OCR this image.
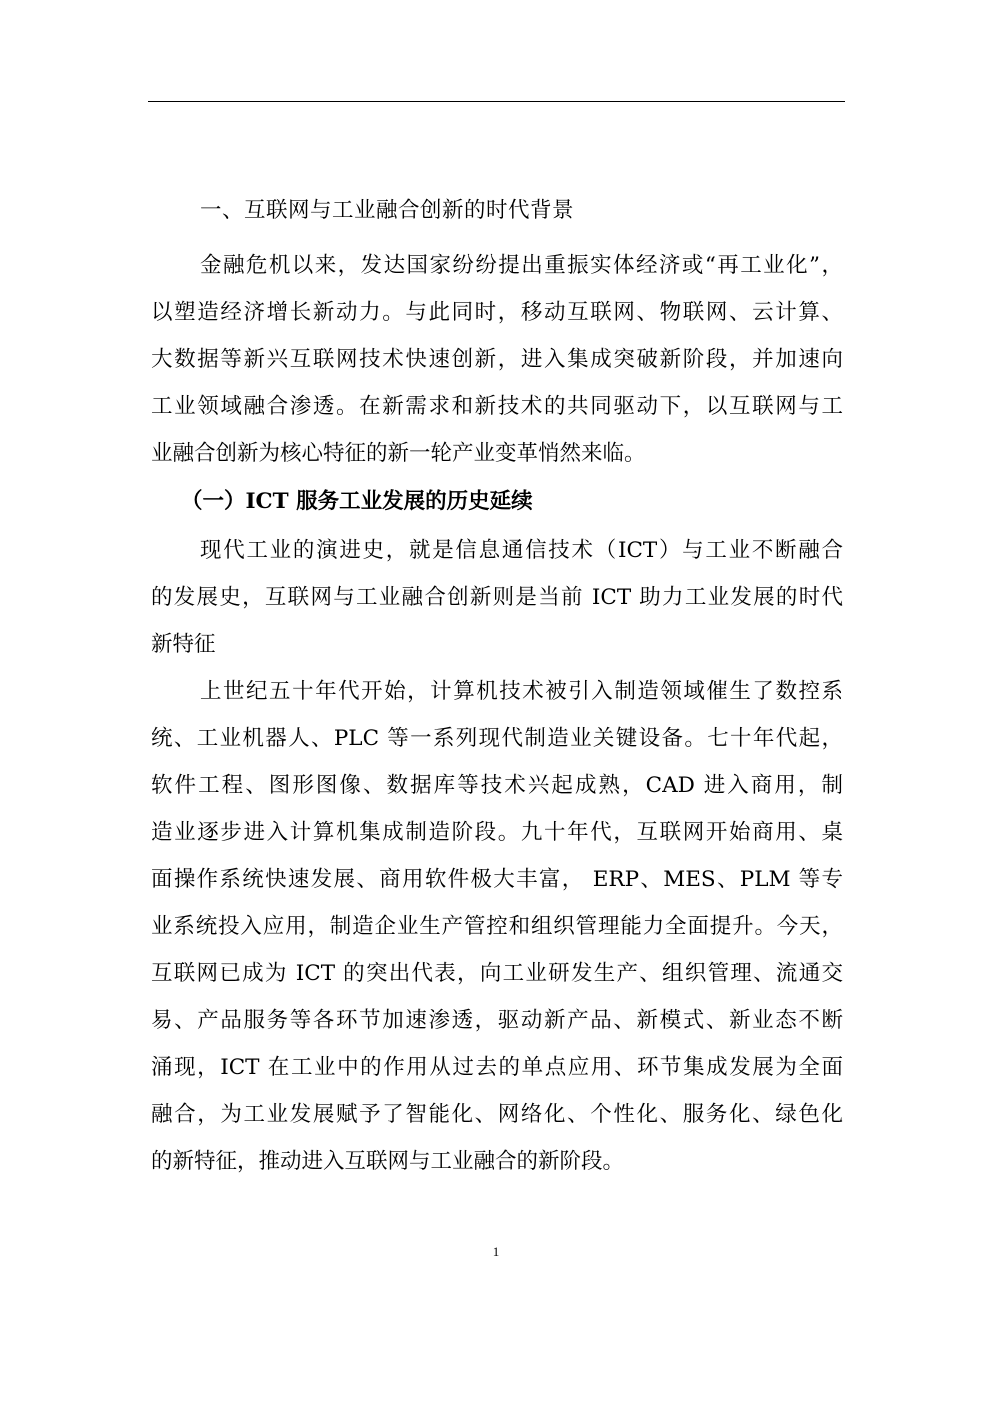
一、互联网与工业融合创新的时代背景

金融危机以来，发达国家纷纷提出重振实体经济或“再工业化”，
以塑造经济增长新动力。与此同时，移动互联网、物联网、云计算、
大数据等新兴互联网技术快速创新，进入集成突破新阶段，并加速向
工业领域融合渗透。在新需求和新技术的共同驱动下，以互联网与工
业融合创新为核心特征的新一轮产业变革悄然来临。

（一）ICT 服务工业发展的历史延续

现代工业的演进史，就是信息通信技术（ICT）与工业不断融合
的发展史，互联网与工业融合创新则是当前 ICT 助力工业发展的时代
新特征

上世纪五十年代开始，计算机技术被引入制造领域催生了数控系
统、工业机器人、PLC 等一系列现代制造业关键设备。七十年代起，
软件工程、图形图像、数据库等技术兴起成熟，CAD 进入商用，制
造业逐步进入计算机集成制造阶段。九十年代，互联网开始商用、桌
面操作系统快速发展、商用软件极大丰富， ERP、MES、PLM 等专
业系统投入应用，制造企业生产管控和组织管理能力全面提升。今天，
互联网已成为 ICT 的突出代表，向工业研发生产、组织管理、流通交
易、产品服务等各环节加速渗透，驱动新产品、新模式、新业态不断
涌现，ICT 在工业中的作用从过去的单点应用、环节集成发展为全面
融合，为工业发展赋予了智能化、网络化、个性化、服务化、绿色化
的新特征，推动进入互联网与工业融合的新阶段。

1
